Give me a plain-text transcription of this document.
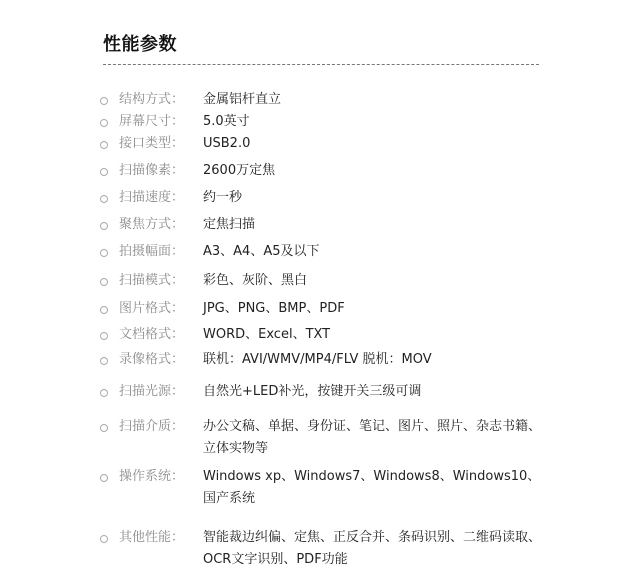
性能参数
结构方式： 金属铝杆直立
屏幕尺寸： 5.0英寸
接口类型： USB2.0
扫描像素： 2600万定焦
扫描速度： 约一秒
聚焦方式： 定焦扫描
拍摄幅面： A3、A4、A5及以下
扫描模式： 彩色、灰阶、黑白
图片格式： JPG、PNG、BMP、PDF
文档格式： WORD、Excel、TXT
录像格式： 联机：AVI/WMV/MP4/FLV 脱机：MOV
扫描光源： 自然光+LED补光，按键开关三级可调
扫描介质： 办公文稿、单据、身份证、笔记、图片、照片、杂志书籍、立体实物等
操作系统： Windows xp、Windows7、Windows8、Windows10、国产系统
其他性能： 智能裁边纠偏、定焦、正反合并、条码识别、二维码读取、OCR文字识别、PDF功能
